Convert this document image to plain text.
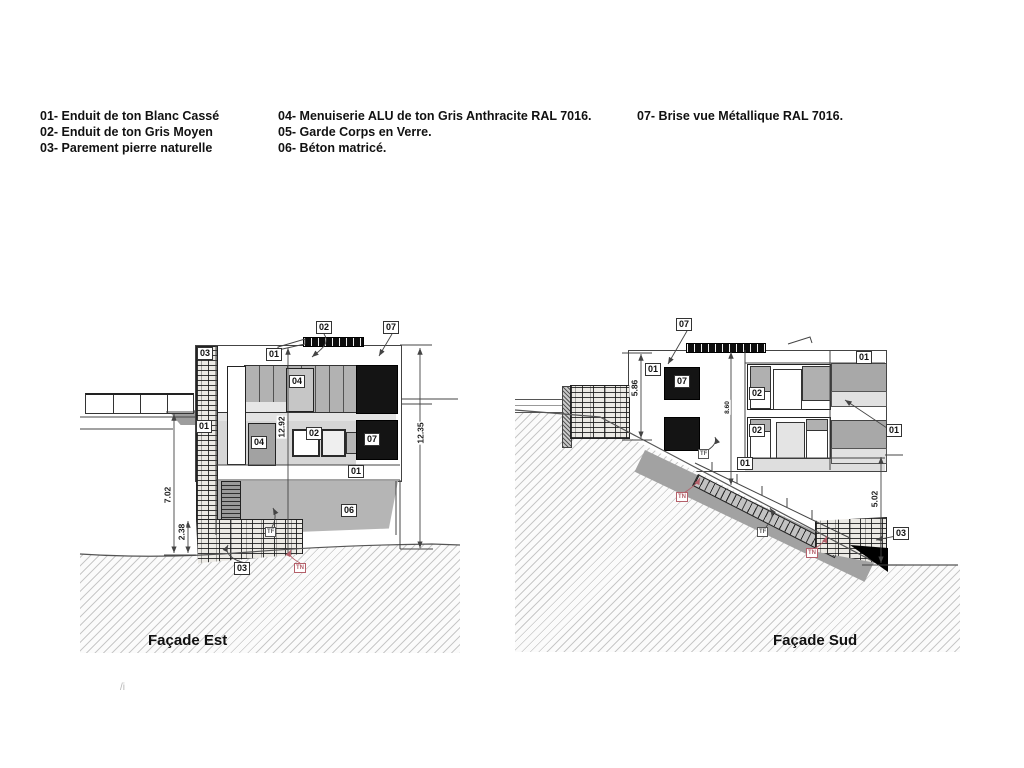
01- Enduit de ton Blanc Cassé
02- Enduit de ton Gris Moyen
03- Parement pierre naturelle
04- Menuiserie ALU de ton Gris Anthracite RAL 7016.
05- Garde Corps en Verre.
06- Béton matricé.
07- Brise vue Métallique RAL 7016.
03	01
02	07
04
01
04
02
07
01
06
03	TN
TF
12.35
12.92
7.02
2.38
07
01
07
02
02
01
01
01
03
TN
TN
TF
TF
5.86
8.60
5.02
Façade Est	Façade Sud
/i
